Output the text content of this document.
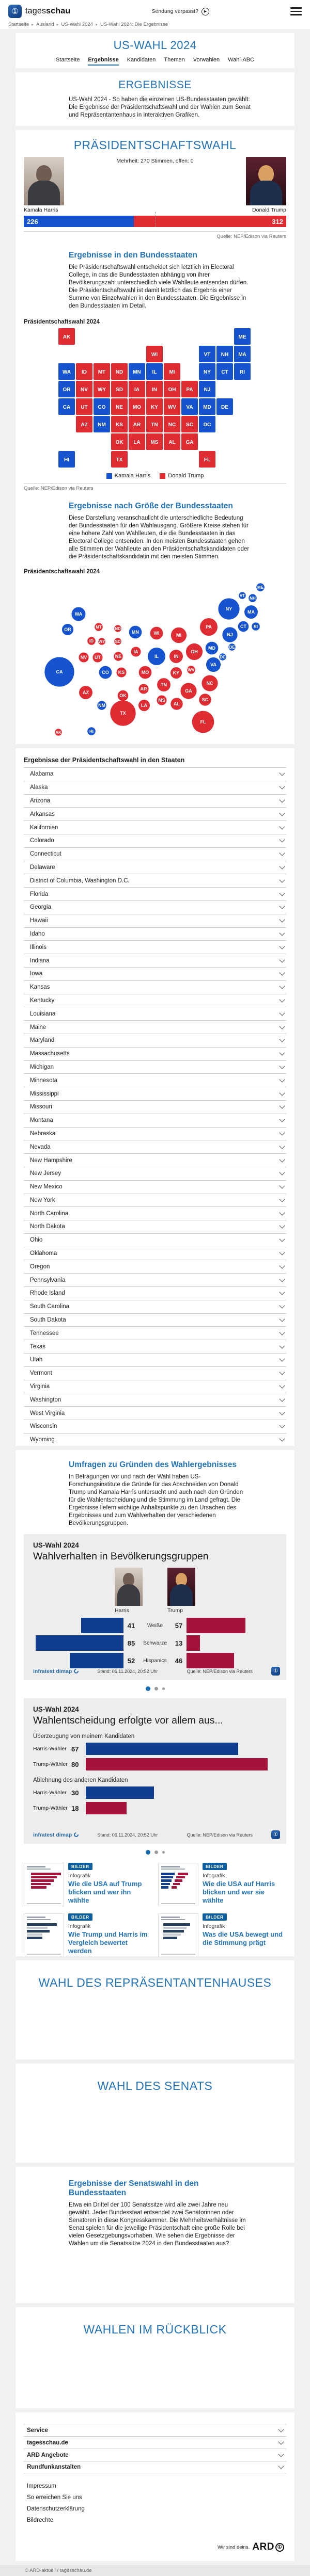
① tagesschau	Sendung verpasst? ▶
Startseite ▸ Ausland ▸ US-Wahl 2024 ▸ US-Wahl 2024: Die Ergebnisse
US-WAHL 2024
Startseite Ergebnisse Kandidaten Themen Vorwahlen Wahl-ABC
ERGEBNISSE

US-Wahl 2024 - So haben die einzelnen US-Bundesstaaten gewählt: Die Ergebnisse der Präsidentschaftswahl und der Wahlen zum Senat und Repräsentantenhaus in interaktiven Grafiken.

PRÄSIDENTSCHAFTSWAHL
Mehrheit: 270 Stimmen, offen: 0
Kamala Harris	Donald Trump
226	312
Quelle: NEP/Edison via Reuters
Ergebnisse in den Bundesstaaten

Die Präsidentschaftswahl entscheidet sich letztlich im Electoral College, in das die Bundesstaaten abhängig von ihrer Bevölkerungszahl unterschiedlich viele Wahlleute entsenden dürfen. Die Präsidentschaftswahl ist damit letztlich das Ergebnis einer Summe von Einzelwahlen in den Bundesstaaten. Die Ergebnisse in den Bundesstaaten im Detail.

Präsidentschaftswahl 2024
AL
AK
AZ	AR
CA	CO
CT
DE
DC
FL
GA
HI
ID	IL
IN
IA
KS
KY
LA
ME
MD
MA
MI
MN
MS
MO
MT
NE
NV
NH
NJ
NM
NY
NC
ND
OH
OK
OR	PA
RI
SC
SD
TN
TX
UT
VT
VA
WA
WV
WI
WY
Kamala Harris	Donald Trump
Quelle: NEP/Edison via Reuters
Ergebnisse nach Größe der Bundesstaaten

Diese Darstellung veranschaulicht die unterschiedliche Bedeutung der Bundesstaaten für den Wahlausgang. Größere Kreise stehen für eine höhere Zahl von Wahlleuten, die die Bundesstaaten in das Electoral College entsenden. In den meisten Bundesstaaten gehen alle Stimmen der Wahlleute an den Präsidentschaftskandidaten oder die Präsidentschaftskandidatin mit den meisten Stimmen.

Präsidentschaftswahl 2024
AL
AK
AZ
AR
CA	CO
CT
DE
DC
FL
GA
HI
ID
IL	IN
IA
KS	KY
LA
ME
MD
MA
MI
MN
MS
MO
MT
NE
NV
NH
NJ
NM
NY
NC
ND
OH
OK
OR	PA	RI
SC
SD
TN
TX
UT
VT
VA
WA
WV
WI
WY
Ergebnisse der Präsidentschaftswahl in den Staaten
Alabama
Alaska
Arizona
Arkansas
Kalifornien
Colorado
Connecticut
Delaware
District of Columbia, Washington D.C.
Florida
Georgia
Hawaii
Idaho
Illinois
Indiana
Iowa
Kansas
Kentucky
Louisiana
Maine
Maryland
Massachusetts
Michigan
Minnesota
Mississippi
Missouri
Montana
Nebraska
Nevada
New Hampshire
New Jersey
New Mexico
New York
North Carolina
North Dakota
Ohio
Oklahoma
Oregon
Pennsylvania
Rhode Island
South Carolina
South Dakota
Tennessee
Texas
Utah
Vermont
Virginia
Washington
West Virginia
Wisconsin
Wyoming
Umfragen zu Gründen des Wahlergebnisses

In Befragungen vor und nach der Wahl haben US-Forschungsinstitute die Gründe für das Abschneiden von Donald Trump und Kamala Harris untersucht und auch nach den Gründen für die Wahlentscheidung und die Stimmung im Land gefragt. Die Ergebnisse liefern wichtige Anhaltspunkte zu den Ursachen des Ergebnisses und zum Wahlverhalten der verschiedenen Bevölkerungsgruppen.

US-Wahl 2024
Wahlverhalten in Bevölkerungsgruppen
Harris	Trump
41	Weiße	57
85	Schwarze	13
52	Hispanics	46
infratest dimap	Stand: 06.11.2024, 20:52 Uhr	Quelle: NEP/Edison via Reuters	①
US-Wahl 2024
Wahlentscheidung erfolgte vor allem aus...
Überzeugung von meinem Kandidaten
Harris-Wähler 67
Trump-Wähler 80
Ablehnung des anderen Kandidaten
Harris-Wähler 30
Trump-Wähler 18
infratest dimap	Stand: 06.11.2024, 20:52 Uhr	Quelle: NEP/Edison via Reuters	①
BILDER
Infografik
Wie die USA auf Trump blicken und wer ihn wählte
BILDER
Infografik
Wie die USA auf Harris blicken und wer sie wählte
BILDER
Infografik
Wie Trump und Harris im Vergleich bewertet werden
BILDER
Infografik
Was die USA bewegt und die Stimmung prägt
WAHL DES REPRÄSENTANTENHAUSES
WAHL DES SENATS
Ergebnisse der Senatswahl in den Bundesstaaten

Etwa ein Drittel der 100 Senatssitze wird alle zwei Jahre neu gewählt. Jeder Bundesstaat entsendet zwei Senatorinnen oder Senatoren in diese Kongresskammer. Die Mehrheitsverhältnisse im Senat spielen für die jeweilige Präsidentschaft eine große Rolle bei vielen Gesetzgebungsvorhaben. Wie sehen die Ergebnisse der Wahlen um die Senatssitze 2024 in den Bundesstaaten aus?

WAHLEN IM RÜCKBLICK
Service
tagesschau.de
ARD Angebote
Rundfunkanstalten
Impressum
So erreichen Sie uns
Datenschutzerklärung
Bildrechte
Wir sind deins. ARD ①
© ARD-aktuell / tagesschau.de
